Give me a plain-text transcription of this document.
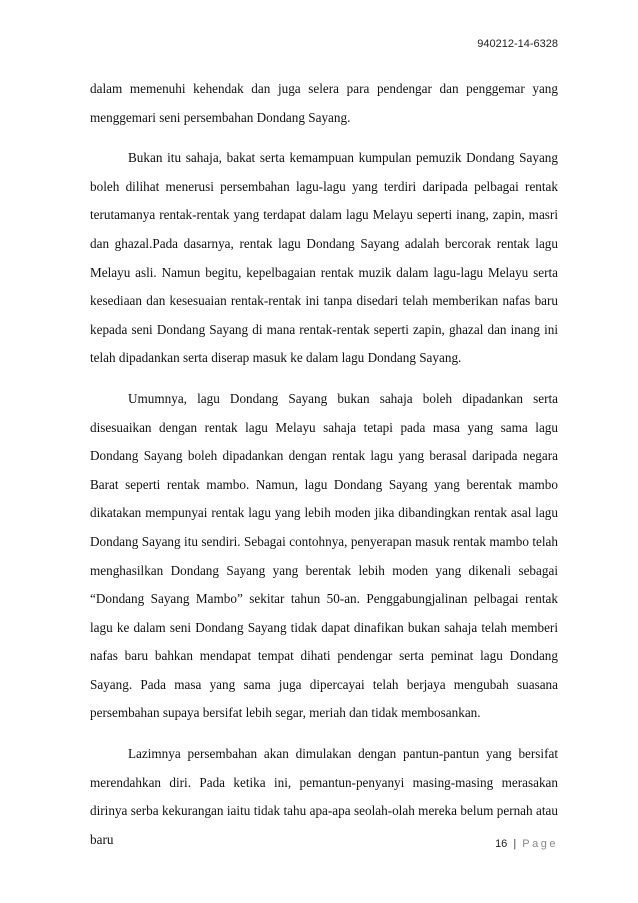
940212-14-6328

dalam memenuhi kehendak dan juga selera para pendengar dan penggemar yang menggemari seni persembahan Dondang Sayang.

Bukan itu sahaja, bakat serta kemampuan kumpulan pemuzik Dondang Sayang boleh dilihat menerusi persembahan lagu-lagu yang terdiri daripada pelbagai rentak terutamanya rentak-rentak yang terdapat dalam lagu Melayu seperti inang, zapin, masri dan ghazal.Pada dasarnya, rentak lagu Dondang Sayang adalah bercorak rentak lagu Melayu asli. Namun begitu, kepelbagaian rentak muzik dalam lagu-lagu Melayu serta kesediaan dan kesesuaian rentak-rentak ini tanpa disedari telah memberikan nafas baru kepada seni Dondang Sayang di mana rentak-rentak seperti zapin, ghazal dan inang ini telah dipadankan serta diserap masuk ke dalam lagu Dondang Sayang.

Umumnya, lagu Dondang Sayang bukan sahaja boleh dipadankan serta disesuaikan dengan rentak lagu Melayu sahaja tetapi pada masa yang sama lagu Dondang Sayang boleh dipadankan dengan rentak lagu yang berasal daripada negara Barat seperti rentak mambo. Namun, lagu Dondang Sayang yang berentak mambo dikatakan mempunyai rentak lagu yang lebih moden jika dibandingkan rentak asal lagu Dondang Sayang itu sendiri. Sebagai contohnya, penyerapan masuk rentak mambo telah menghasilkan Dondang Sayang yang berentak lebih moden yang dikenali sebagai “Dondang Sayang Mambo” sekitar tahun 50-an. Penggabungjalinan pelbagai rentak lagu ke dalam seni Dondang Sayang tidak dapat dinafikan bukan sahaja telah memberi nafas baru bahkan mendapat tempat dihati pendengar serta peminat lagu Dondang Sayang. Pada masa yang sama juga dipercayai telah berjaya mengubah suasana persembahan supaya bersifat lebih segar, meriah dan tidak membosankan.

Lazimnya persembahan akan dimulakan dengan pantun-pantun yang bersifat merendahkan diri. Pada ketika ini, pemantun-penyanyi masing-masing merasakan dirinya serba kekurangan iaitu tidak tahu apa-apa seolah-olah mereka belum pernah atau baru	16 | Page
